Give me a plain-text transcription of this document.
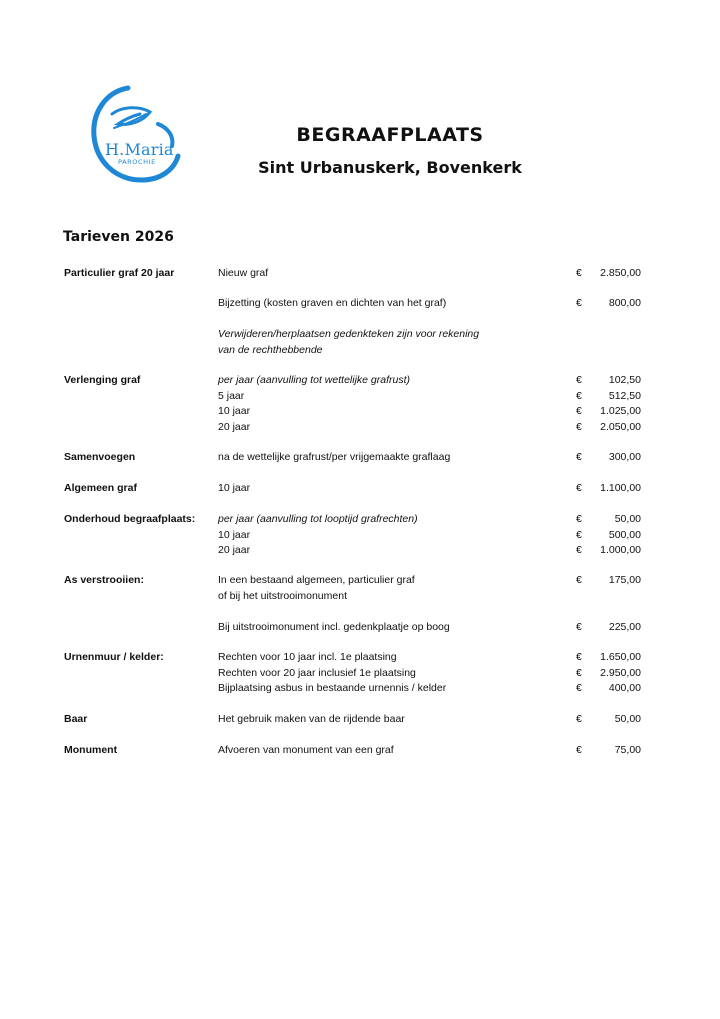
H.Maria
PAROCHIE
BEGRAAFPLAATS
Sint Urbanuskerk, Bovenkerk
Tarieven 2026
Particulier graf 20 jaar	Nieuw graf	€ 2.850,00
Bijzetting (kosten graven en dichten van het graf)	€	800,00
Verwijderen/herplaatsen gedenkteken zijn voor rekening
van de rechthebbende
Verlenging graf	per jaar (aanvulling tot wettelijke grafrust)	€	102,50
5 jaar	€	512,50
10 jaar	€ 1.025,00
20 jaar	€ 2.050,00
Samenvoegen	na de wettelijke grafrust/per vrijgemaakte graflaag	€	300,00
Algemeen graf	10 jaar	€ 1.100,00
Onderhoud begraafplaats: per jaar (aanvulling tot looptijd grafrechten)	€	50,00
10 jaar	€	500,00
20 jaar	€ 1.000,00
As verstrooiien:	In een bestaand algemeen, particulier graf	€	175,00
of bij het uitstrooimonument
Bij uitstrooimonument incl. gedenkplaatje op boog	€	225,00
Urnenmuur / kelder:	Rechten voor 10 jaar incl. 1e plaatsing	€ 1.650,00
Rechten voor 20 jaar inclusief 1e plaatsing	€ 2.950,00
Bijplaatsing asbus in bestaande urnennis / kelder	€	400,00
Baar	Het gebruik maken van de rijdende baar	€	50,00
Monument	Afvoeren van monument van een graf	€	75,00
